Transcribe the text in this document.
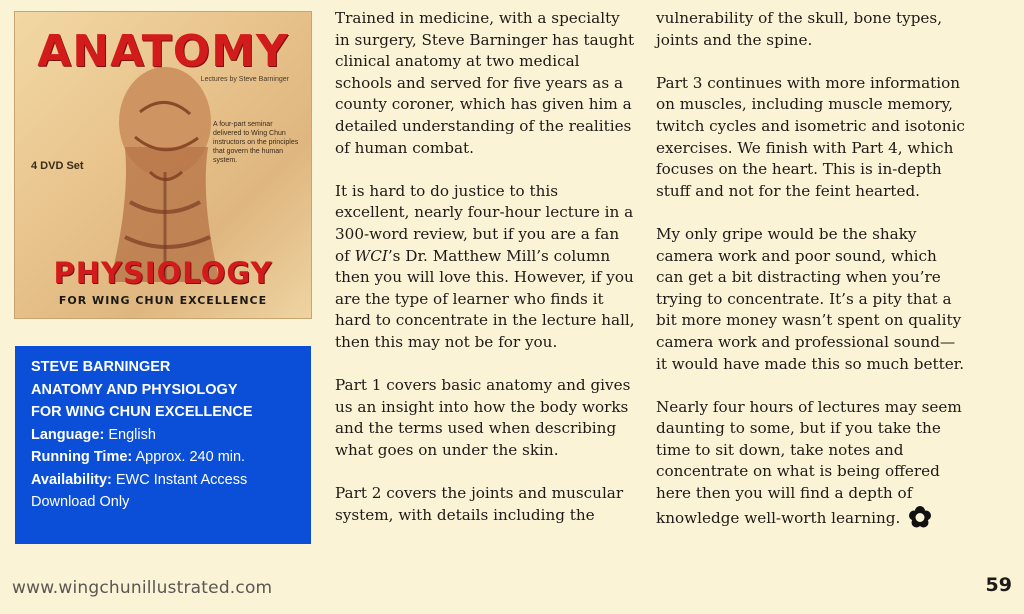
ANATOMY
Lectures by Steve Barninger
A four-part seminar delivered to Wing Chun instructors on the principles that govern the human system.
4 DVD Set
PHYSIOLOGY
FOR WING CHUN EXCELLENCE
STEVE BARNINGER
ANATOMY AND PHYSIOLOGY
FOR WING CHUN EXCELLENCE
Language: English
Running Time: Approx. 240 min.
Availability: EWC Instant Access
Download Only

Trained in medicine, with a specialty in surgery, Steve Barninger has taught clinical anatomy at two medical schools and served for five years as a county coroner, which has given him a detailed understanding of the realities of human combat.

It is hard to do justice to this excellent, nearly four-hour lecture in a 300-word review, but if you are a fan of WCI’s Dr. Matthew Mill’s column then you will love this. However, if you are the type of learner who finds it hard to concentrate in the lecture hall, then this may not be for you.

Part 1 covers basic anatomy and gives us an insight into how the body works and the terms used when describing what goes on under the skin.

Part 2 covers the joints and muscular system, with details including the

vulnerability of the skull, bone types, joints and the spine.

Part 3 continues with more information on muscles, including muscle memory, twitch cycles and isometric and isotonic exercises. We finish with Part 4, which focuses on the heart. This is in-depth stuff and not for the feint hearted.

My only gripe would be the shaky camera work and poor sound, which can get a bit distracting when you’re trying to concentrate. It’s a pity that a bit more money wasn’t spent on quality camera work and professional sound—it would have made this so much better.

Nearly four hours of lectures may seem daunting to some, but if you take the time to sit down, take notes and concentrate on what is being offered here then you will find a depth of knowledge well-worth learning.

www.wingchunillustrated.com	59
